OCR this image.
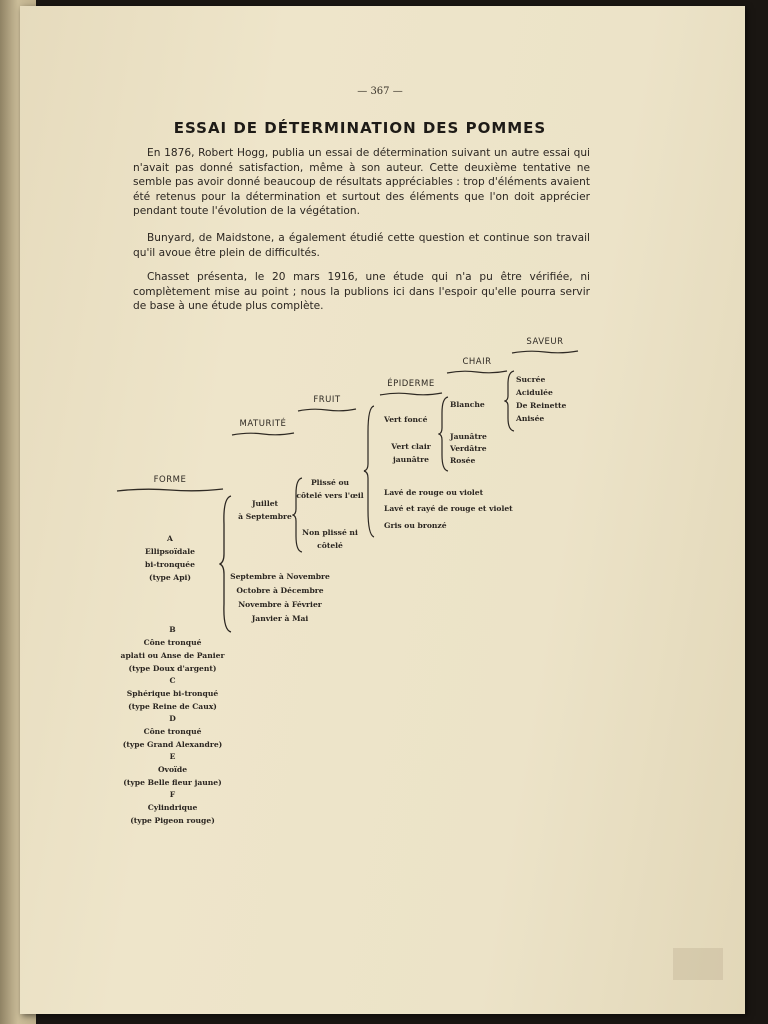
— 367 —
ESSAI DE DÉTERMINATION DES POMMES

En 1876, Robert Hogg, publia un essai de détermination suivant un autre essai qui n'avait pas donné satisfaction, même à son auteur. Cette deuxième tentative ne semble pas avoir donné beaucoup de résultats appréciables : trop d'éléments avaient été retenus pour la détermination et surtout des éléments que l'on doit apprécier pendant toute l'évolution de la végétation.

Bunyard, de Maidstone, a également étudié cette question et continue son travail qu'il avoue être plein de difficultés.

Chasset présenta, le 20 mars 1916, une étude qui n'a pu être vérifiée, ni complètement mise au point ; nous la publions ici dans l'espoir qu'elle pourra servir de base à une étude plus complète.

FORME
MATURITÉ
FRUIT
ÉPIDERME
CHAIR
SAVEUR
A
Ellipsoïdale
bi-tronquée
(type Api)
B
Cône tronqué
aplati ou Anse de Panier
(type Doux d'argent)
C
Sphérique bi-tronqué
(type Reine de Caux)
D
Cône tronqué
(type Grand Alexandre)
E
Ovoïde
(type Belle fleur jaune)
F
Cylindrique
(type Pigeon rouge)
Juillet
à Septembre
Septembre à Novembre
Octobre à Décembre
Novembre à Février
Janvier à Mai
Plissé ou
côtelé vers l'œil
Non plissé ni
côtelé
Vert foncé
Vert clair
jaunâtre
Lavé de rouge ou violet
Lavé et rayé de rouge et violet
Gris ou bronzé
Blanche
Jaunâtre
Verdâtre
Rosée
Sucrée
Acidulée
De Reinette
Anisée
